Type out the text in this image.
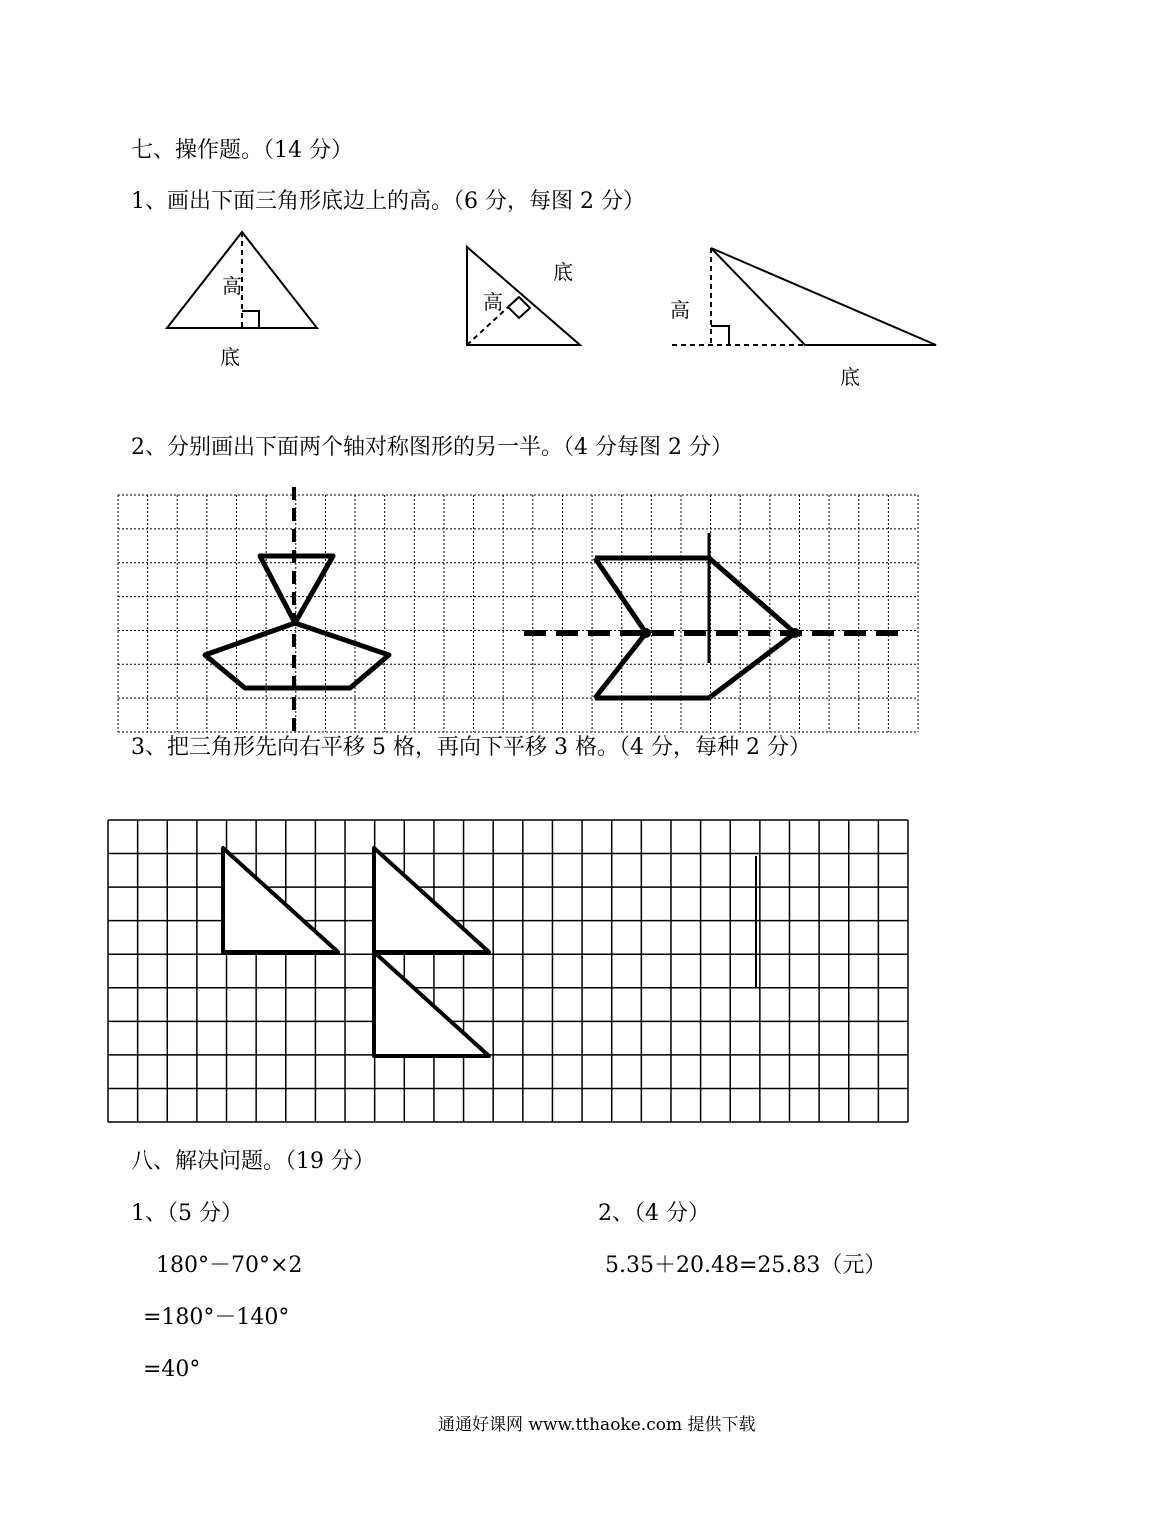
七、操作题。（14 分）
1、画出下面三角形底边上的高。（6 分，每图 2 分）
高
底
高
底
高
底
2、分别画出下面两个轴对称图形的另一半。（4 分每图 2 分）
3、把三角形先向右平移 5 格，再向下平移 3 格。（4 分，每种 2 分）
八、解决问题。（19 分）
1、（5 分）	2、（4 分）
180°－70°×2
=180°－140°
=40°
5.35＋20.48=25.83（元）
通通好课网 www.tthaoke.com 提供下载
